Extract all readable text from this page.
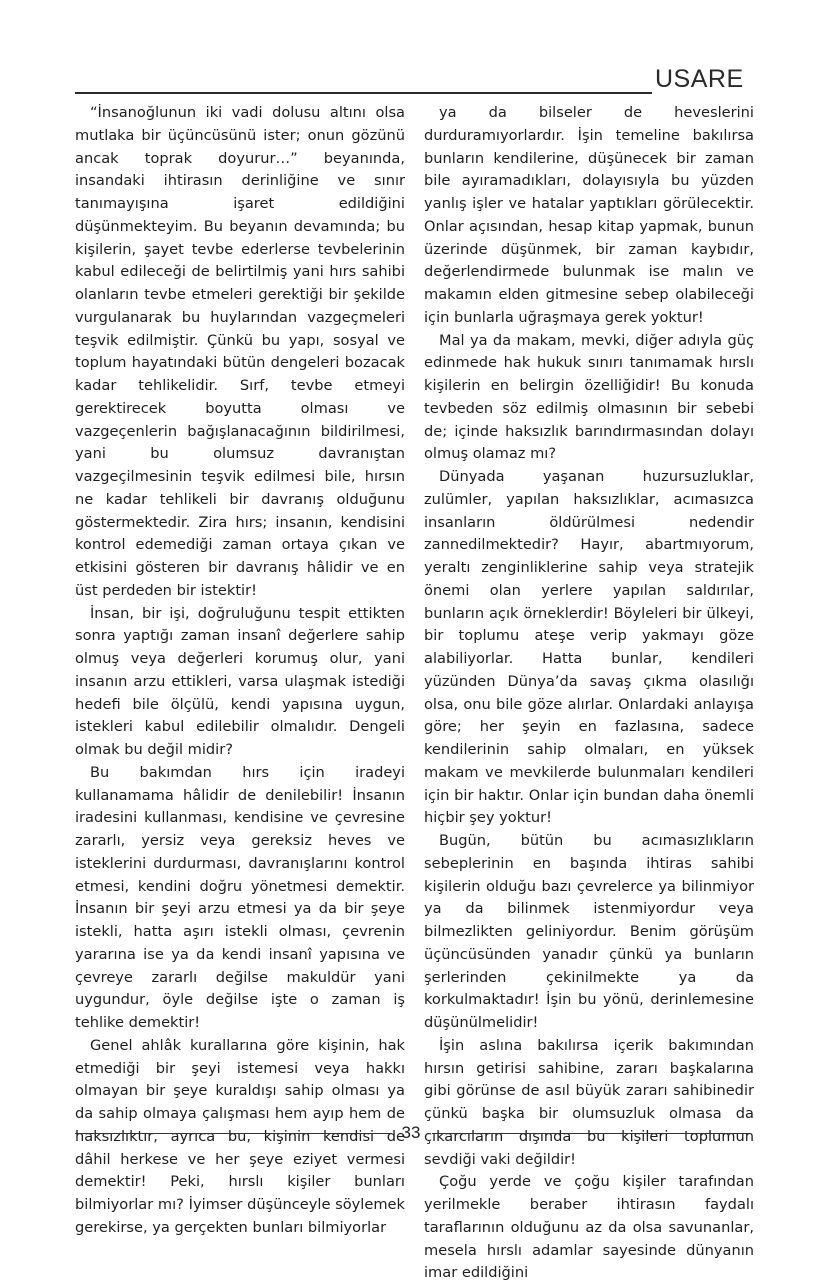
USARE

“İnsanoğlunun iki vadi dolusu altını olsa mutlaka bir üçüncüsünü ister; onun gözünü ancak toprak doyurur…” beyanında, insandaki ihtirasın derinliğine ve sınır tanımayışına işaret edildiğini düşünmekteyim. Bu beyanın devamında; bu kişilerin, şayet tevbe ederlerse tevbelerinin kabul edileceği de belirtilmiş yani hırs sahibi olanların tevbe etmeleri gerektiği bir şekilde vurgulanarak bu huylarından vazgeçmeleri teşvik edilmiştir. Çünkü bu yapı, sosyal ve toplum hayatındaki bütün dengeleri bozacak kadar tehlikelidir. Sırf, tevbe etmeyi gerektirecek boyutta olması ve vazgeçenlerin bağışlanacağının bildirilmesi, yani bu olumsuz davranıştan vazgeçilmesinin teşvik edilmesi bile, hırsın ne kadar tehlikeli bir davranış olduğunu göstermektedir. Zira hırs; insanın, kendisini kontrol edemediği zaman ortaya çıkan ve etkisini gösteren bir davranış hâlidir ve en üst perdeden bir istektir!

İnsan, bir işi, doğruluğunu tespit ettikten sonra yaptığı zaman insanî değerlere sahip olmuş veya değerleri korumuş olur, yani insanın arzu ettikleri, varsa ulaşmak istediği hedefi bile ölçülü, kendi yapısına uygun, istekleri kabul edilebilir olmalıdır. Dengeli olmak bu değil midir?

Bu bakımdan hırs için iradeyi kullanamama hâlidir de denilebilir! İnsanın iradesini kullanması, kendisine ve çevresine zararlı, yersiz veya gereksiz heves ve isteklerini durdurması, davranışlarını kontrol etmesi, kendini doğru yönetmesi demektir. İnsanın bir şeyi arzu etmesi ya da bir şeye istekli, hatta aşırı istekli olması, çevrenin yararına ise ya da kendi insanî yapısına ve çevreye zararlı değilse makuldür yani uygundur, öyle değilse işte o zaman iş tehlike demektir!

Genel ahlâk kurallarına göre kişinin, hak etmediği bir şeyi istemesi veya hakkı olmayan bir şeye kuraldışı sahip olması ya da sahip olmaya çalışması hem ayıp hem de haksızlıktır, ayrıca bu, kişinin kendisi de dâhil herkese ve her şeye eziyet vermesi demektir! Peki, hırslı kişiler bunları bilmiyorlar mı? İyimser düşünceyle söylemek gerekirse, ya gerçekten bunları bilmiyorlar

ya da bilseler de heveslerini durduramıyorlardır. İşin temeline bakılırsa bunların kendilerine, düşünecek bir zaman bile ayıramadıkları, dolayısıyla bu yüzden yanlış işler ve hatalar yaptıkları görülecektir. Onlar açısından, hesap kitap yapmak, bunun üzerinde düşünmek, bir zaman kaybıdır, değerlendirmede bulunmak ise malın ve makamın elden gitmesine sebep olabileceği için bunlarla uğraşmaya gerek yoktur!

Mal ya da makam, mevki, diğer adıyla güç edinmede hak hukuk sınırı tanımamak hırslı kişilerin en belirgin özelliğidir! Bu konuda tevbeden söz edilmiş olmasının bir sebebi de; içinde haksızlık barındırmasından dolayı olmuş olamaz mı?

Dünyada yaşanan huzursuzluklar, zulümler, yapılan haksızlıklar, acımasızca insanların öldürülmesi nedendir zannedilmektedir? Hayır, abartmıyorum, yeraltı zenginliklerine sahip veya stratejik önemi olan yerlere yapılan saldırılar, bunların açık örneklerdir! Böyleleri bir ülkeyi, bir toplumu ateşe verip yakmayı göze alabiliyorlar. Hatta bunlar, kendileri yüzünden Dünya’da savaş çıkma olasılığı olsa, onu bile göze alırlar. Onlardaki anlayışa göre; her şeyin en fazlasına, sadece kendilerinin sahip olmaları, en yüksek makam ve mevkilerde bulunmaları kendileri için bir haktır. Onlar için bundan daha önemli hiçbir şey yoktur!

Bugün, bütün bu acımasızlıkların sebeplerinin en başında ihtiras sahibi kişilerin olduğu bazı çevrelerce ya bilinmiyor ya da bilinmek istenmiyordur veya bilmezlikten geliniyordur. Benim görüşüm üçüncüsünden yanadır çünkü ya bunların şerlerinden çekinilmekte ya da korkulmaktadır! İşin bu yönü, derinlemesine düşünülmelidir!

İşin aslına bakılırsa içerik bakımından hırsın getirisi sahibine, zararı başkalarına gibi görünse de asıl büyük zararı sahibinedir çünkü başka bir olumsuzluk olmasa da çıkarcıların dışında bu kişileri toplumun sevdiği vaki değildir!

Çoğu yerde ve çoğu kişiler tarafından yerilmekle beraber ihtirasın faydalı taraflarının olduğunu az da olsa savunanlar, mesela hırslı adamlar sayesinde dünyanın imar edildiğini

33
